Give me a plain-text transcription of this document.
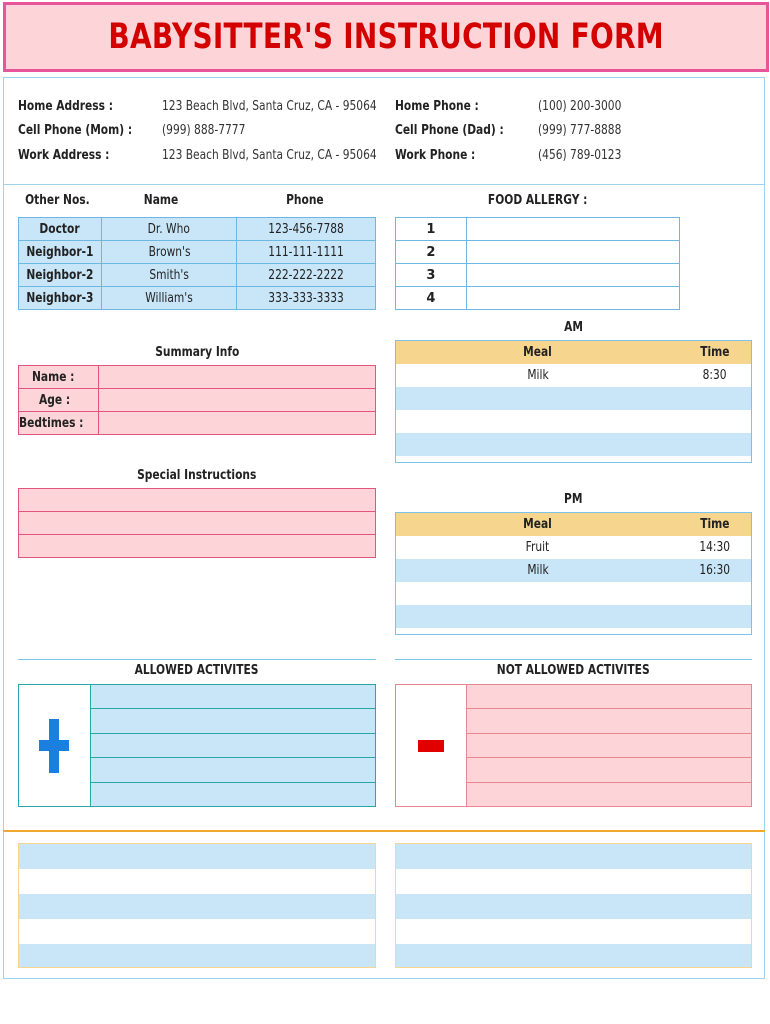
BABYSITTER'S INSTRUCTION FORM
Home Address :	123 Beach Blvd, Santa Cruz, CA - 95064
Cell Phone (Mom) : (999) 888-7777
Work Address :	123 Beach Blvd, Santa Cruz, CA - 95064
Home Phone :	(100) 200-3000
Cell Phone (Dad) :	(999) 777-8888
Work Phone :	(456) 789-0123
Other Nos.	Name	Phone
Doctor	Dr. Who	123-456-7788
Neighbor-1	Brown's	111-111-1111
Neighbor-2	Smith's	222-222-2222
Neighbor-3	William's	333-333-3333
FOOD ALLERGY :
1	
2	
3	
4	
Summary Info
Name :	
Age :	
Bedtimes :	
Special Instructions

AM
Meal	Time
Milk	8:30

PM
Meal	Time
Fruit	14:30
Milk	16:30

ALLOWED ACTIVITES
		NOT ALLOWED ACTIVITES
